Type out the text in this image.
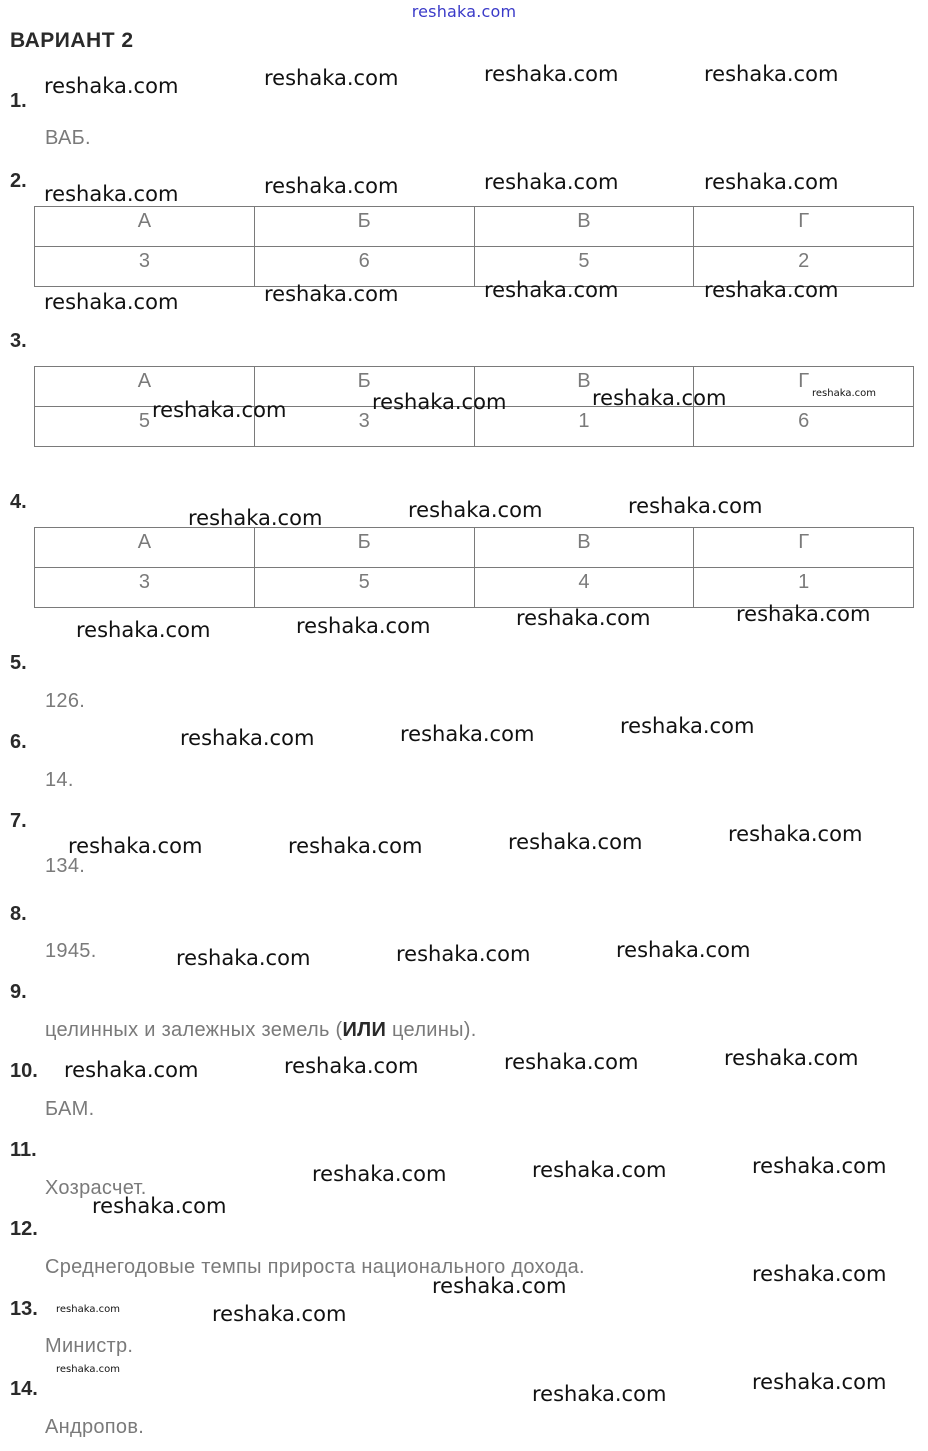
reshaka.com
ВАРИАНТ 2
1.
ВАБ.
2.
А	Б	В	Г
3	6	5	2
3.
А	Б	В	Г
5	3	1	6
4.
А	Б	В	Г
3	5	4	1
5.
126.
6.
14.
7.
134.
8.
1945.
9.
целинных и залежных земель (ИЛИ целины).
10.
БАМ.
11.
Хозрасчет.
12.
Среднегодовые темпы прироста национального дохода.
13.
Министр.
14.
Андропов.
reshaka.com	reshaka.com	reshaka.com	reshaka.com
reshaka.com	reshaka.com	reshaka.com	reshaka.com
reshaka.com	reshaka.com	reshaka.com	reshaka.com
reshaka.com	reshaka.com	reshaka.com	reshaka.com
reshaka.com	reshaka.com	reshaka.com
reshaka.com	reshaka.com	reshaka.com	reshaka.com
reshaka.com	reshaka.com	reshaka.com
reshaka.com	reshaka.com	reshaka.com	reshaka.com
reshaka.com	reshaka.com	reshaka.com
reshaka.com	reshaka.com	reshaka.com	reshaka.com
reshaka.com	reshaka.com	reshaka.com
reshaka.com
reshaka.com
reshaka.com
reshaka.com	reshaka.com
reshaka.com
reshaka.com	reshaka.com
